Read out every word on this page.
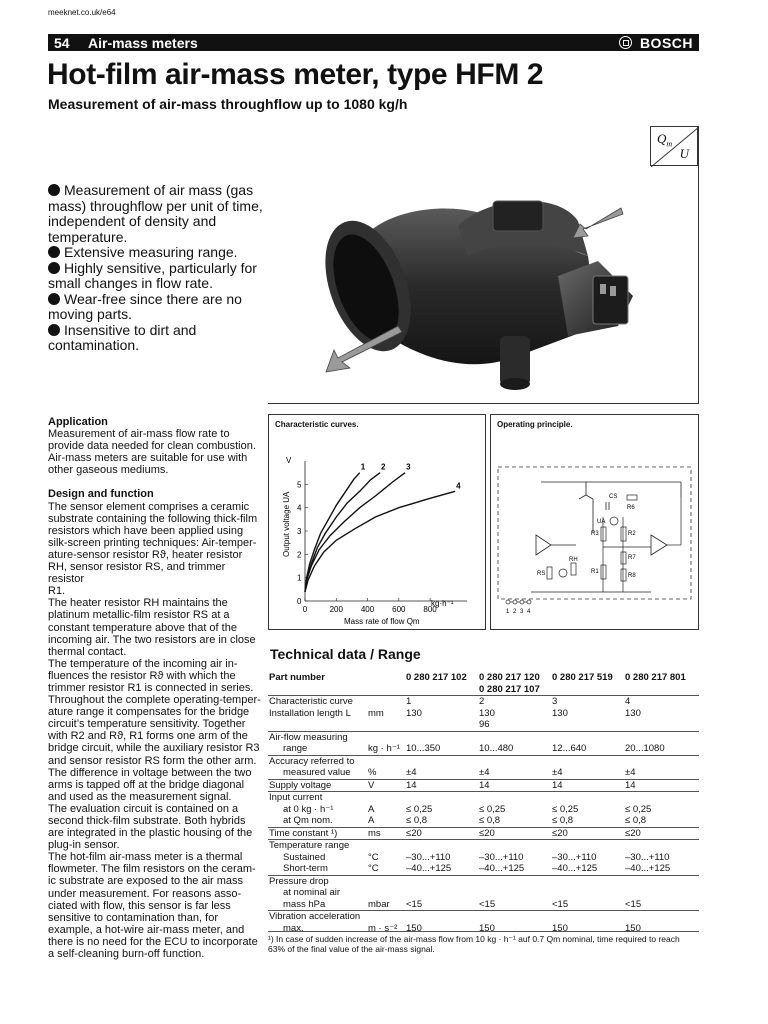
meeknet.co.uk/e64
54	Air-mass meters	BOSCH
Hot-film air-mass meter, type HFM 2
Measurement of air-mass throughflow up to 1080 kg/h
$Q_m$
U

Measurement of air mass (gas mass) throughflow per unit of time, independent of density and temperature.

Extensive measuring range.

Highly sensitive, particularly for small changes in flow rate.

Wear-free since there are no moving parts.

Insensitive to dirt and contamination.

Application

Measurement of air-mass flow rate to provide data needed for clean combustion. Air-mass meters are suitable for use with other gaseous mediums.

Design and function

The sensor element comprises a ceramic

substrate containing the following thick-film

resistors which have been applied using

silk-screen printing techniques: Air-temper-

ature-sensor resistor Rϑ, heater resistor

RH, sensor resistor RS, and trimmer resistor

R1.

The heater resistor RH maintains the

platinum metallic-film resistor RS at a

constant temperature above that of the

incoming air. The two resistors are in close

thermal contact.

The temperature of the incoming air in-

fluences the resistor Rϑ with which the

trimmer resistor R1 is connected in series.

Throughout the complete operating-temper-

ature range it compensates for the bridge

circuit’s temperature sensitivity. Together

with R2 and Rϑ, R1 forms one arm of the

bridge circuit, while the auxiliary resistor R3

and sensor resistor RS form the other arm.

The difference in voltage between the two

arms is tapped off at the bridge diagonal

and used as the measurement signal.

The evaluation circuit is contained on a

second thick-film substrate. Both hybrids

are integrated in the plastic housing of the

plug-in sensor.

The hot-film air-mass meter is a thermal

flowmeter. The film resistors on the ceram-

ic substrate are exposed to the air mass

under measurement. For reasons asso-

ciated with flow, this sensor is far less

sensitive to contamination than, for

example, a hot-wire air-mass meter, and

there is no need for the ECU to incorporate

a self-cleaning burn-off function.

Characteristic curves.
0
1
2
3
4
5
0	200 400 600 800
1 2	3
4
V
kg·h⁻¹
Mass rate of flow Qm
Output voltage UA
Operating principle.
CS
R6
UA
R3	R2
R7
R1
R8
RH
RS
1 2 3 4
Technical data / Range
Part number		0 280 217 102	0 280 217 120	0 280 217 519	0 280 217 801
			0 280 217 107		
Characteristic curve		1	2	3	4
Installation length L	mm	130	130	130	130
			96		
Air-flow measuring					
range	kg · h⁻¹	10...350	10...480	12...640	20...1080
Accuracy referred to					
measured value	%	±4	±4	±4	±4
Supply voltage	V	14	14	14	14
Input current					
at 0 kg · h⁻¹	A	≤ 0,25	≤ 0,25	≤ 0,25	≤ 0,25
at Qm nom.	A	≤ 0,8	≤ 0,8	≤ 0,8	≤ 0,8
Time constant ¹)	ms	≤20	≤20	≤20	≤20
Temperature range					
Sustained	°C	–30...+110	–30...+110	–30...+110	–30...+110
Short-term	°C	–40...+125	–40...+125	–40...+125	–40...+125
Pressure drop					
at nominal air					
mass hPa	mbar	<15	<15	<15	<15
Vibration acceleration					
max.	m · s⁻²	150	150	150	150
¹) In case of sudden increase of the air-mass flow from 10 kg · h⁻¹ auf 0.7 Qm nominal, time required to reach 63% of the final value of the air-mass signal.
